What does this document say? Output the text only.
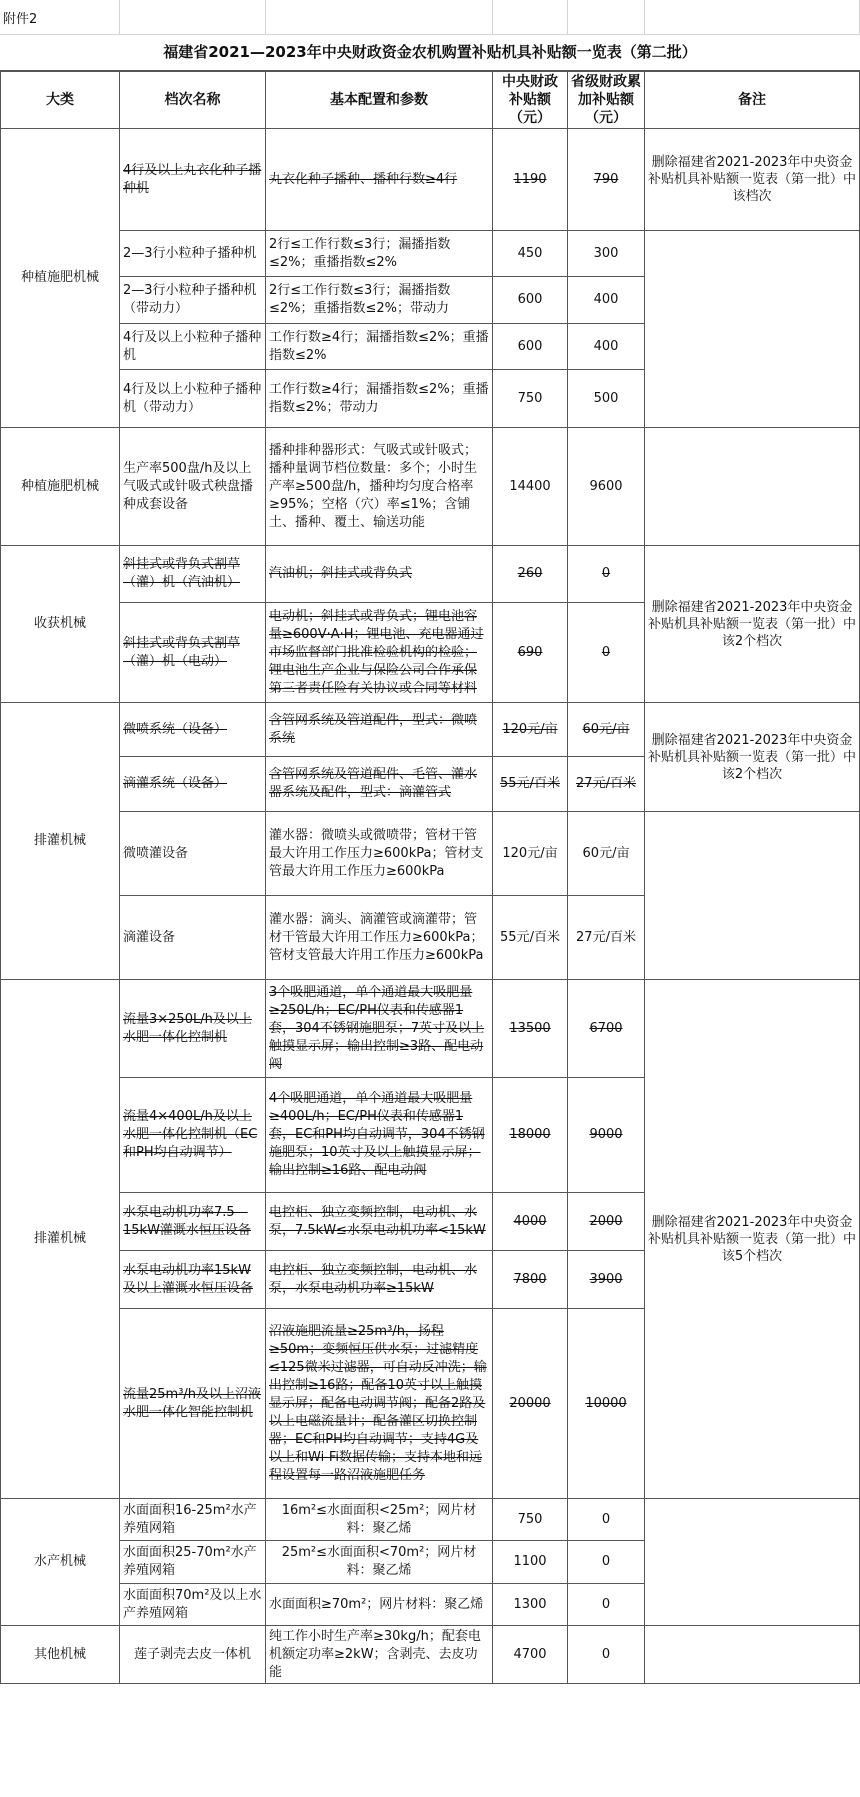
附件2
福建省2021—2023年中央财政资金农机购置补贴机具补贴额一览表（第二批）
大类	档次名称	基本配置和参数	中央财政补贴额（元）	省级财政累加补贴额（元）	备注
种植施肥机械	4行及以上丸衣化种子播种机	丸衣化种子播种、播种行数≥4行	1190	790	删除福建省2021-2023年中央资金补贴机具补贴额一览表（第一批）中该档次
	2—3行小粒种子播种机	2行≤工作行数≤3行；漏播指数≤2%；重播指数≤2%	450	300	
	2—3行小粒种子播种机（带动力）	2行≤工作行数≤3行；漏播指数≤2%；重播指数≤2%；带动力	600	400	
	4行及以上小粒种子播种机	工作行数≥4行；漏播指数≤2%；重播指数≤2%	600	400	
	4行及以上小粒种子播种机（带动力）	工作行数≥4行；漏播指数≤2%；重播指数≤2%；带动力	750	500	
种植施肥机械	生产率500盘/h及以上气吸式或针吸式秧盘播种成套设备	播种排种器形式：气吸式或针吸式；播种量调节档位数量：多个；小时生产率≥500盘/h，播种均匀度合格率≥95%；空格（穴）率≤1%；含铺土、播种、覆土、输送功能	14400	9600	
收获机械	斜挂式或背负式割草（灌）机（汽油机）	汽油机；斜挂式或背负式	260	0	删除福建省2021-2023年中央资金补贴机具补贴额一览表（第一批）中该2个档次
	斜挂式或背负式割草（灌）机（电动）	电动机；斜挂式或背负式；锂电池容量≥600V·A·H；锂电池、充电器通过市场监督部门批准检验机构的检验；锂电池生产企业与保险公司合作承保第三者责任险有关协议或合同等材料	690	0	
排灌机械	微喷系统（设备）	含管网系统及管道配件，型式：微喷系统	120元/亩	60元/亩	删除福建省2021-2023年中央资金补贴机具补贴额一览表（第一批）中该2个档次
	滴灌系统（设备）	含管网系统及管道配件、毛管、灌水器系统及配件，型式：滴灌管式	55元/百米	27元/百米	
	微喷灌设备	灌水器：微喷头或微喷带；管材干管最大许用工作压力≥600kPa；管材支管最大许用工作压力≥600kPa	120元/亩	60元/亩	
	滴灌设备	灌水器：滴头、滴灌管或滴灌带；管材干管最大许用工作压力≥600kPa；管材支管最大许用工作压力≥600kPa	55元/百米	27元/百米	
排灌机械	流量3×250L/h及以上水肥一体化控制机	3个吸肥通道，单个通道最大吸肥量≥250L/h；EC/PH仪表和传感器1套，304不锈钢施肥泵；7英寸及以上触摸显示屏；输出控制≥3路、配电动阀	13500	6700	删除福建省2021-2023年中央资金补贴机具补贴额一览表（第一批）中该5个档次
	流量4×400L/h及以上水肥一体化控制机（EC和PH均自动调节）	4个吸肥通道，单个通道最大吸肥量≥400L/h；EC/PH仪表和传感器1套，EC和PH均自动调节，304不锈钢施肥泵；10英寸及以上触摸显示屏；输出控制≥16路、配电动阀	18000	9000	
	水泵电动机功率7.5—15kW灌溉水恒压设备	电控柜、独立变频控制，电动机、水泵，7.5kW≤水泵电动机功率<15kW	4000	2000	
	水泵电动机功率15kW及以上灌溉水恒压设备	电控柜、独立变频控制，电动机、水泵，水泵电动机功率≥15kW	7800	3900	
	流量25m³/h及以上沼液水肥一体化智能控制机	沼液施肥流量≥25m³/h，扬程≥50m；变频恒压供水泵；过滤精度≤125微米过滤器，可自动反冲洗；输出控制≥16路；配备10英寸以上触摸显示屏；配备电动调节阀；配备2路及以上电磁流量计；配备灌区切换控制器；EC和PH均自动调节；支持4G及以上和Wi-Fi数据传输；支持本地和远程设置每一路沼液施肥任务	20000	10000	
水产机械	水面面积16-25m²水产养殖网箱	16m²≤水面面积<25m²；网片材料：聚乙烯	750	0	
	水面面积25-70m²水产养殖网箱	25m²≤水面面积<70m²；网片材料：聚乙烯	1100	0	
	水面面积70m²及以上水产养殖网箱	水面面积≥70m²；网片材料：聚乙烯	1300	0	
其他机械	莲子剥壳去皮一体机	纯工作小时生产率≥30kg/h；配套电机额定功率≥2kW；含剥壳、去皮功能	4700	0	
